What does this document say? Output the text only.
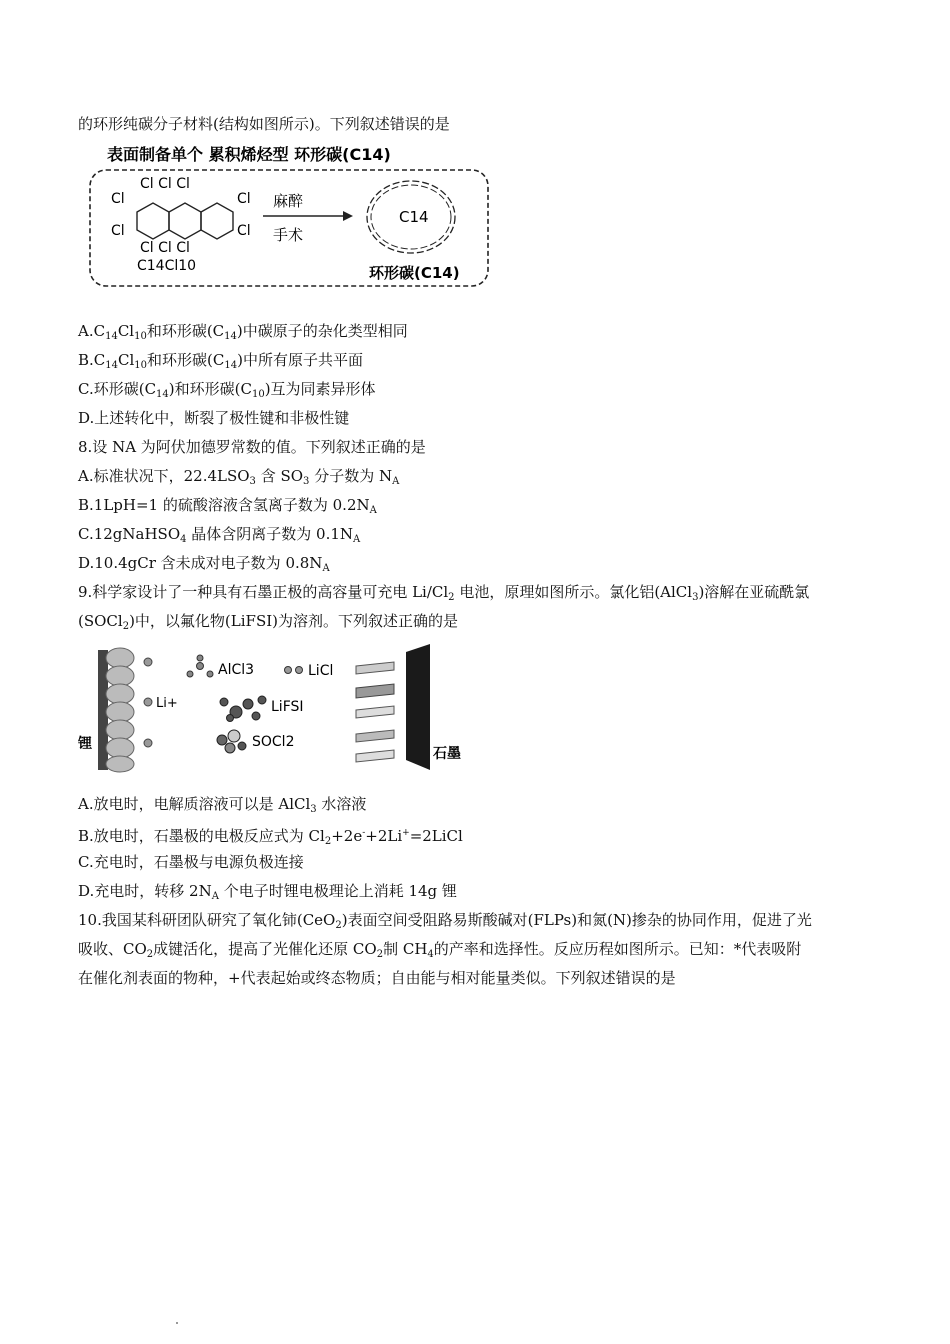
的环形纯碳分子材料(结构如图所示)。下列叙述错误的是
表面制备单个 累积烯烃型 环形碳(C14)
Cl Cl Cl
Cl Cl Cl
Cl
Cl
Cl
Cl
C14Cl10
麻醉
手术
C14
环形碳(C14)
$A.C_{14}Cl_{10}$和环形碳$(C_{14})$中碳原子的杂化类型相同
$B.C_{14}Cl_{10}$和环形碳$(C_{14})$中所有原子共平面
C.环形碳$(C_{14})$和环形碳$(C_{10})$互为同素异形体
D.上述转化中，断裂了极性键和非极性键
8.设 NA 为阿伏加德罗常数的值。下列叙述正确的是
A.标准状况下，$22.4LSO_3$ 含 $SO_3$ 分子数为 $N_A$
B.1LpH=1 的硫酸溶液含氢离子数为 $0.2N_A$
C.12gNaHSO$_4$ 晶体含阴离子数为 $0.1N_A$
D.10.4gCr 含未成对电子数为 $0.8N_A$
9.科学家设计了一种具有石墨正极的高容量可充电 $Li/Cl_2$ 电池，原理如图所示。氯化铝(AlCl$_3$)溶解在亚硫酰氯
(SOCl$_2$)中，以氟化物(LiFSI)为溶剂。下列叙述正确的是
锂
Li+
AlCl3	LiCl
LiFSI
SOCl2
石墨
A.放电时，电解质溶液可以是 AlCl$_3$ 水溶液
B.放电时，石墨极的电极反应式为 $Cl_2+2e^-+2Li^+=2LiCl$
C.充电时，石墨极与电源负极连接
D.充电时，转移 $2N_A$ 个电子时锂电极理论上消耗 14g 锂
10.我国某科研团队研究了氧化铈(CeO$_2$)表面空间受阻路易斯酸碱对(FLPs)和氮(N)掺杂的协同作用，促进了光
吸收、$CO_2$成键活化，提高了光催化还原 $CO_2$制 $CH_4$的产率和选择性。反应历程如图所示。已知：*代表吸附
在催化剂表面的物种，+代表起始或终态物质；自由能与相对能量类似。下列叙述错误的是
